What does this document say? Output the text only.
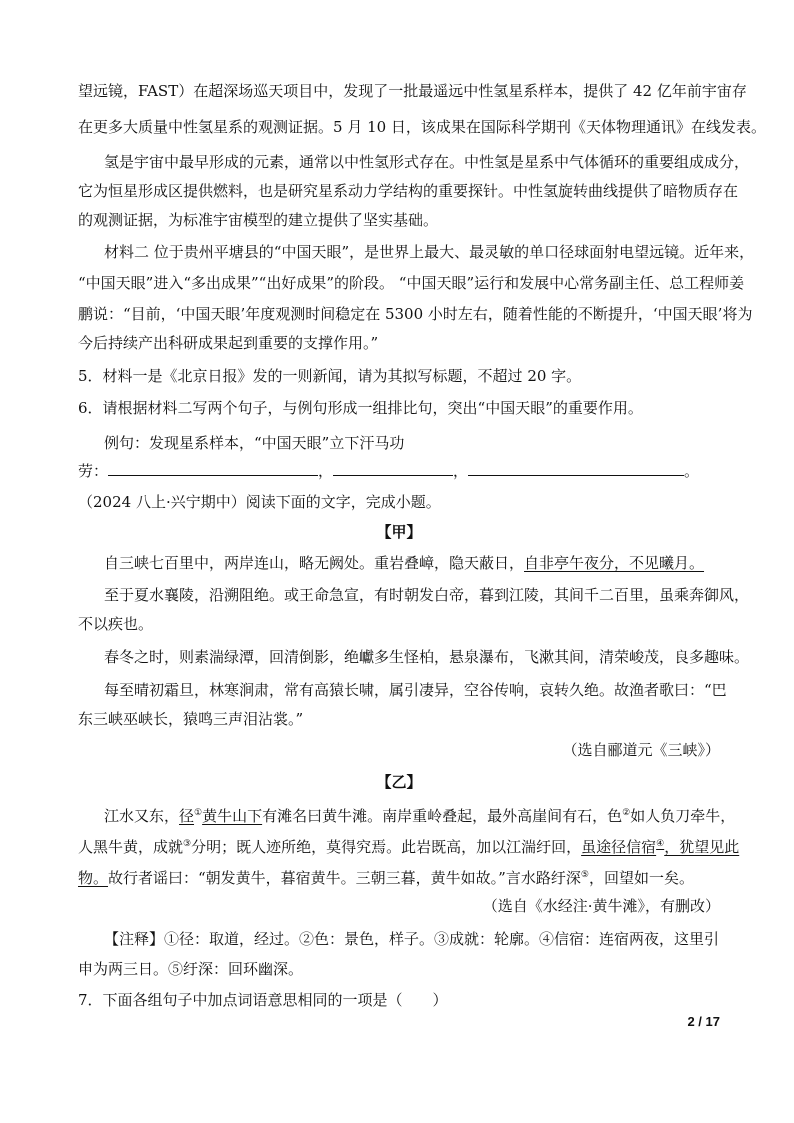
望远镜，FAST）在超深场巡天项目中，发现了一批最遥远中性氢星系样本，提供了 42 亿年前宇宙存
在更多大质量中性氢星系的观测证据。5 月 10 日，该成果在国际科学期刊《天体物理通讯》在线发表。
氢是宇宙中最早形成的元素，通常以中性氢形式存在。中性氢是星系中气体循环的重要组成成分，
它为恒星形成区提供燃料，也是研究星系动力学结构的重要探针。中性氢旋转曲线提供了暗物质存在
的观测证据，为标准宇宙模型的建立提供了坚实基础。
材料二 位于贵州平塘县的“中国天眼”，是世界上最大、最灵敏的单口径球面射电望远镜。近年来，
“中国天眼”进入“多出成果”“出好成果”的阶段。 “中国天眼”运行和发展中心常务副主任、总工程师姜
鹏说：“目前，‘中国天眼’年度观测时间稳定在 5300 小时左右，随着性能的不断提升，‘中国天眼’将为
今后持续产出科研成果起到重要的支撑作用。”
5．材料一是《北京日报》发的一则新闻，请为其拟写标题，不超过 20 字。
6．请根据材料二写两个句子，与例句形成一组排比句，突出“中国天眼”的重要作用。
例句：发现星系样本，“中国天眼”立下汗马功
劳：	，	，	。
（2024 八上·兴宁期中）阅读下面的文字，完成小题。
【甲】
自三峡七百里中，两岸连山，略无阙处。重岩叠嶂，隐天蔽日，自非亭午夜分，不见曦月。
至于夏水襄陵，沿溯阻绝。或王命急宣，有时朝发白帝，暮到江陵，其间千二百里，虽乘奔御风，
不以疾也。
春冬之时，则素湍绿潭，回清倒影，绝巘多生怪柏，悬泉瀑布，飞漱其间，清荣峻茂，良多趣味。
每至晴初霜旦，林寒涧肃，常有高猿长啸，属引凄异，空谷传响，哀转久绝。故渔者歌曰：“巴
东三峡巫峡长，猿鸣三声泪沾裳。”
（选自郦道元《三峡》）
【乙】
江水又东，径①黄牛山下有滩名曰黄牛滩。南岸重岭叠起，最外高崖间有石，色②如人负刀牵牛，
人黑牛黄，成就③分明；既人迹所绝，莫得究焉。此岩既高，加以江湍纡回，虽途径信宿④，犹望见此
物。故行者谣曰：“朝发黄牛，暮宿黄牛。三朝三暮，黄牛如故。”言水路纡深⑤，回望如一矣。
（选自《水经注·黄牛滩》，有删改）
【注释】①径：取道，经过。②色：景色，样子。③成就：轮廓。④信宿：连宿两夜，这里引
申为两三日。⑤纡深：回环幽深。
7．下面各组句子中加点词语意思相同的一项是（　　）
2 / 17
